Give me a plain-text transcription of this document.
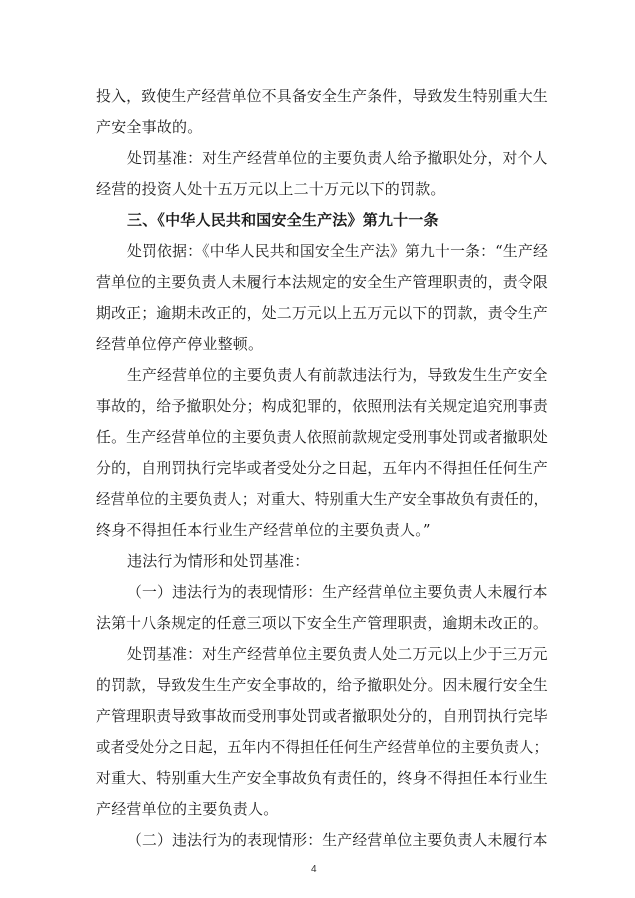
投入，致使生产经营单位不具备安全生产条件，导致发生特别重大生
产安全事故的。
处罚基准：对生产经营单位的主要负责人给予撤职处分，对个人
经营的投资人处十五万元以上二十万元以下的罚款。
三、《中华人民共和国安全生产法》第九十一条
处罚依据：《中华人民共和国安全生产法》第九十一条：“生产经
营单位的主要负责人未履行本法规定的安全生产管理职责的，责令限
期改正；逾期未改正的，处二万元以上五万元以下的罚款，责令生产
经营单位停产停业整顿。
生产经营单位的主要负责人有前款违法行为，导致发生生产安全
事故的，给予撤职处分；构成犯罪的，依照刑法有关规定追究刑事责
任。生产经营单位的主要负责人依照前款规定受刑事处罚或者撤职处
分的，自刑罚执行完毕或者受处分之日起，五年内不得担任任何生产
经营单位的主要负责人；对重大、特别重大生产安全事故负有责任的，
终身不得担任本行业生产经营单位的主要负责人。”
违法行为情形和处罚基准：
（一）违法行为的表现情形：生产经营单位主要负责人未履行本
法第十八条规定的任意三项以下安全生产管理职责，逾期未改正的。
处罚基准：对生产经营单位主要负责人处二万元以上少于三万元
的罚款，导致发生生产安全事故的，给予撤职处分。因未履行安全生
产管理职责导致事故而受刑事处罚或者撤职处分的，自刑罚执行完毕
或者受处分之日起，五年内不得担任任何生产经营单位的主要负责人；
对重大、特别重大生产安全事故负有责任的，终身不得担任本行业生
产经营单位的主要负责人。
（二）违法行为的表现情形：生产经营单位主要负责人未履行本
4
